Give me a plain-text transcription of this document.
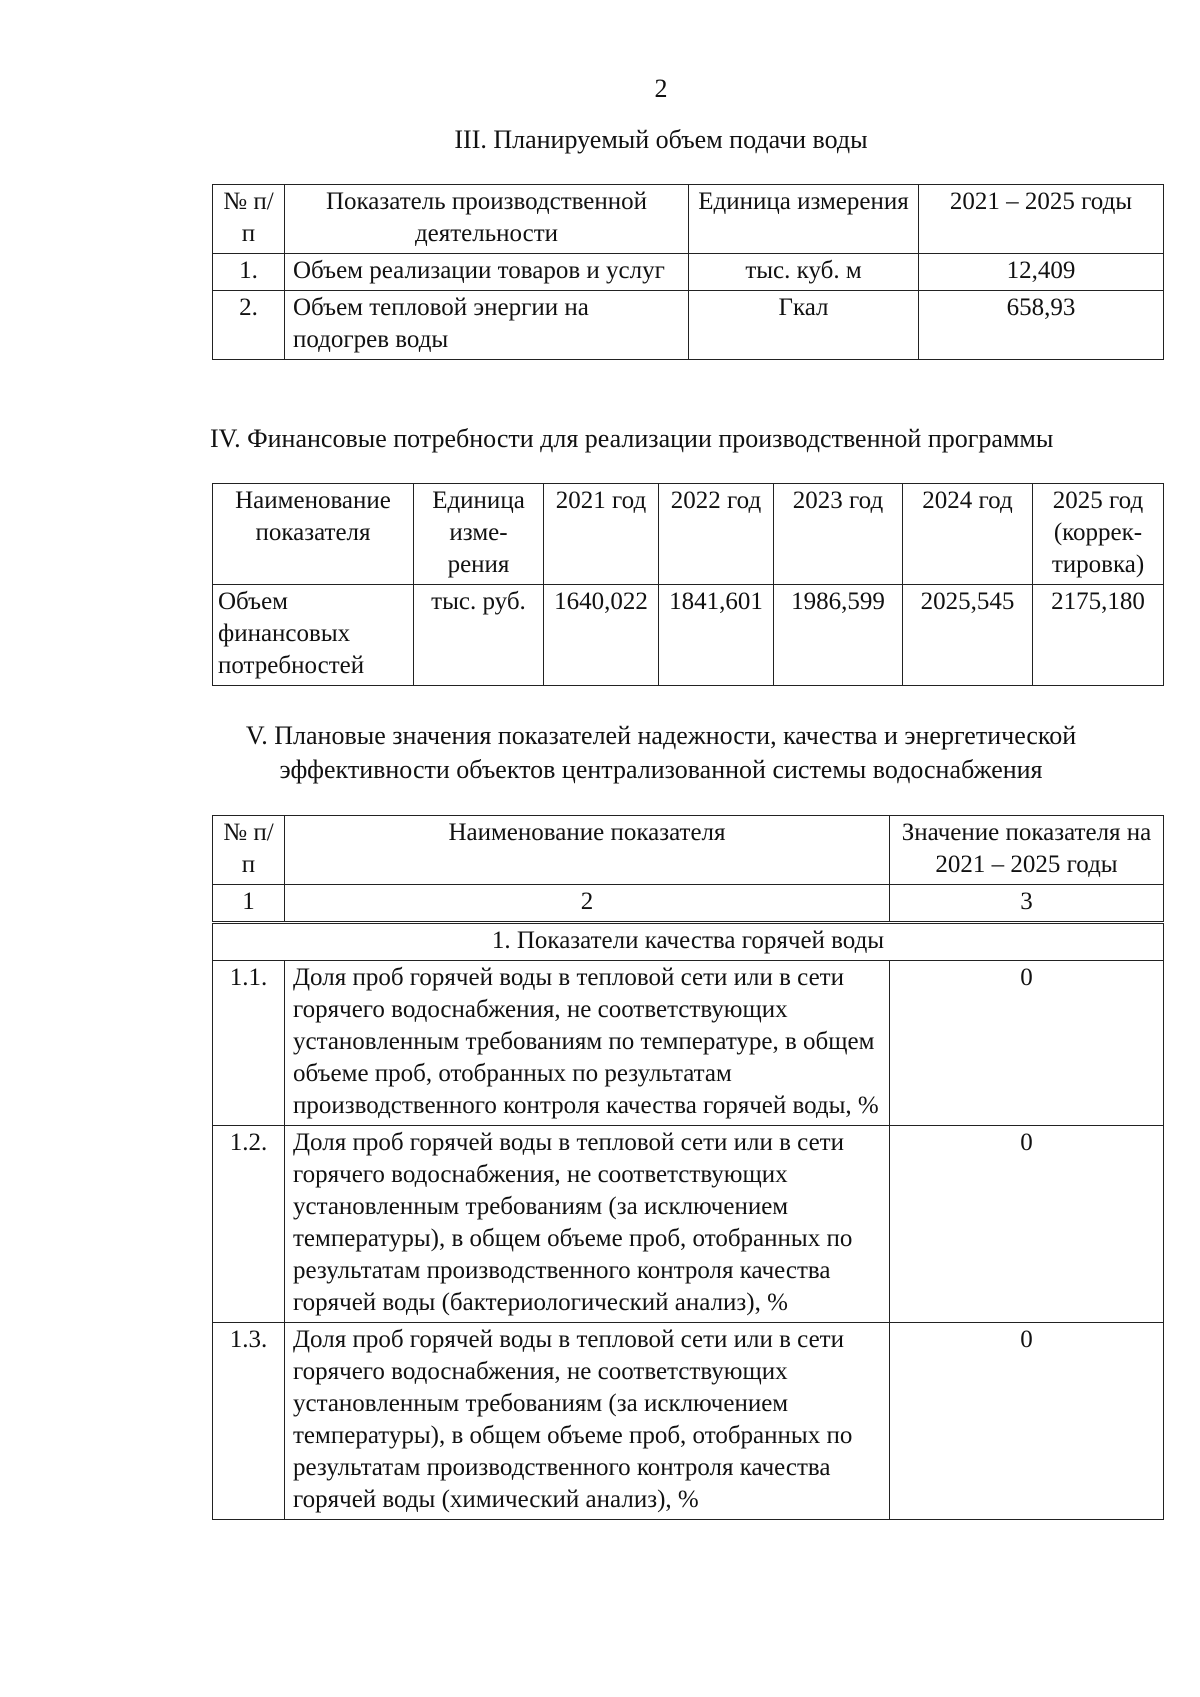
2
III. Планируемый объем подачи воды
№ п/п	Показатель производственной деятельности	Единица измерения	2021 – 2025 годы
1.	Объем реализации товаров и услуг	тыс. куб. м	12,409
2.	Объем тепловой энергии на подогрев воды	Гкал	658,93
IV. Финансовые потребности для реализации производственной программы
Наименование показателя	Единица изме-рения	2021 год	2022 год	2023 год	2024 год	2025 год (коррек-тировка)
Объем финансовых потребностей	тыс. руб.	1640,022	1841,601	1986,599	2025,545	2175,180
V. Плановые значения показателей надежности, качества и энергетической
эффективности объектов централизованной системы водоснабжения
№ п/п	Наименование показателя	Значение показателя на 2021 – 2025 годы
1	2	3
1. Показатели качества горячей воды		
1.1.	Доля проб горячей воды в тепловой сети или в сети горячего водоснабжения, не соответствующих установленным требованиям по температуре, в общем объеме проб, отобранных по результатам производственного контроля качества горячей воды, %	0
1.2.	Доля проб горячей воды в тепловой сети или в сети горячего водоснабжения, не соответствующих установленным требованиям (за исключением температуры), в общем объеме проб, отобранных по результатам производственного контроля качества горячей воды (бактериологический анализ), %	0
1.3.	Доля проб горячей воды в тепловой сети или в сети горячего водоснабжения, не соответствующих установленным требованиям (за исключением температуры), в общем объеме проб, отобранных по результатам производственного контроля качества горячей воды (химический анализ), %	0
